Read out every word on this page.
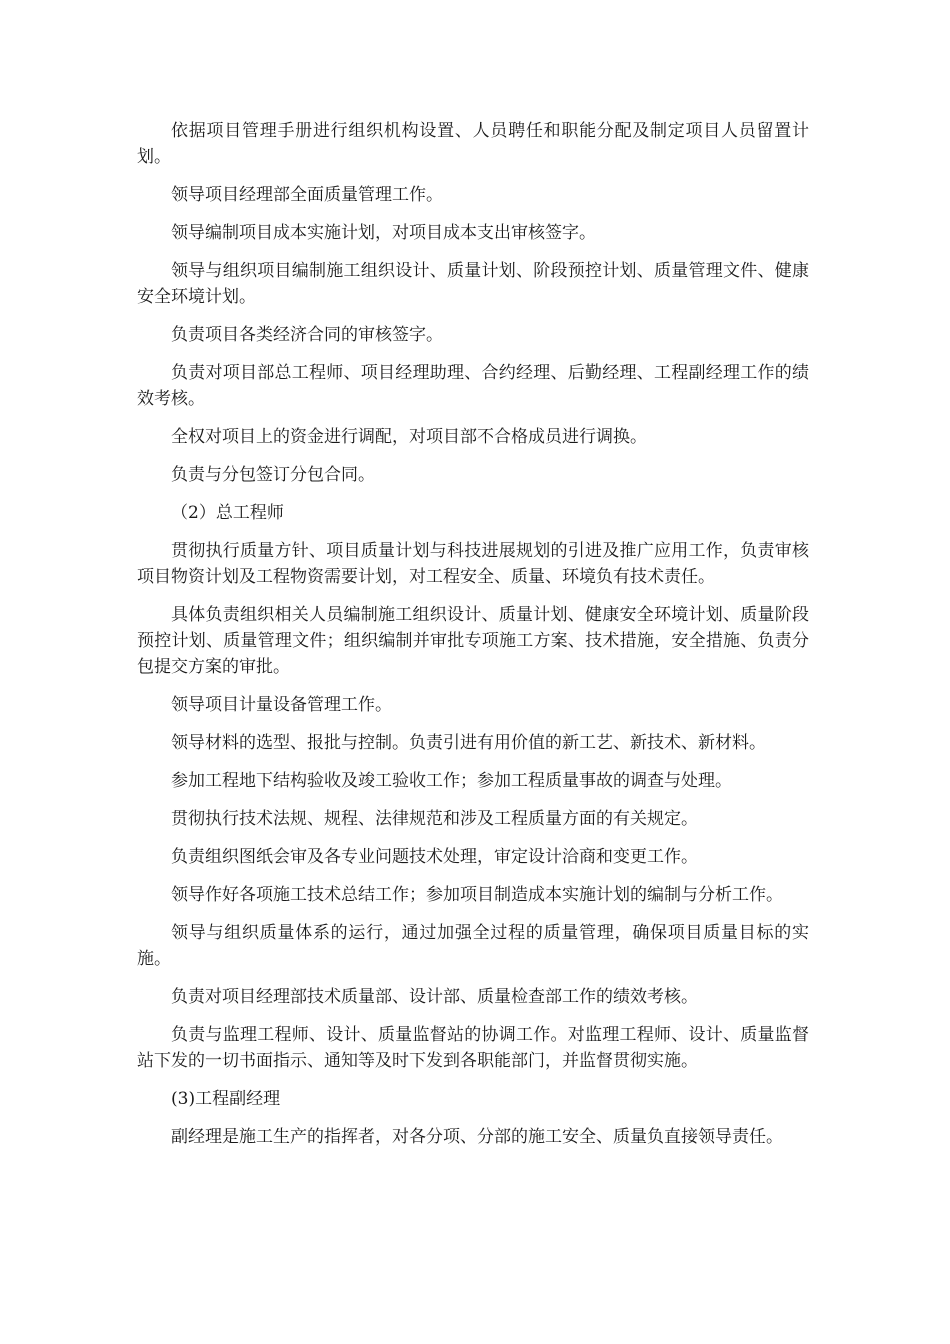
依据项目管理手册进行组织机构设置、人员聘任和职能分配及制定项目人员留置计划。

领导项目经理部全面质量管理工作。

领导编制项目成本实施计划，对项目成本支出审核签字。

领导与组织项目编制施工组织设计、质量计划、阶段预控计划、质量管理文件、健康安全环境计划。

负责项目各类经济合同的审核签字。

负责对项目部总工程师、项目经理助理、合约经理、后勤经理、工程副经理工作的绩效考核。

全权对项目上的资金进行调配，对项目部不合格成员进行调换。

负责与分包签订分包合同。

（2）总工程师

贯彻执行质量方针、项目质量计划与科技进展规划的引进及推广应用工作，负责审核项目物资计划及工程物资需要计划，对工程安全、质量、环境负有技术责任。

具体负责组织相关人员编制施工组织设计、质量计划、健康安全环境计划、质量阶段预控计划、质量管理文件；组织编制并审批专项施工方案、技术措施，安全措施、负责分包提交方案的审批。

领导项目计量设备管理工作。

领导材料的选型、报批与控制。负责引进有用价值的新工艺、新技术、新材料。

参加工程地下结构验收及竣工验收工作；参加工程质量事故的调查与处理。

贯彻执行技术法规、规程、法律规范和涉及工程质量方面的有关规定。

负责组织图纸会审及各专业问题技术处理，审定设计洽商和变更工作。

领导作好各项施工技术总结工作；参加项目制造成本实施计划的编制与分析工作。

领导与组织质量体系的运行，通过加强全过程的质量管理，确保项目质量目标的实施。

负责对项目经理部技术质量部、设计部、质量检查部工作的绩效考核。

负责与监理工程师、设计、质量监督站的协调工作。对监理工程师、设计、质量监督站下发的一切书面指示、通知等及时下发到各职能部门，并监督贯彻实施。

(3)工程副经理

副经理是施工生产的指挥者，对各分项、分部的施工安全、质量负直接领导责任。
